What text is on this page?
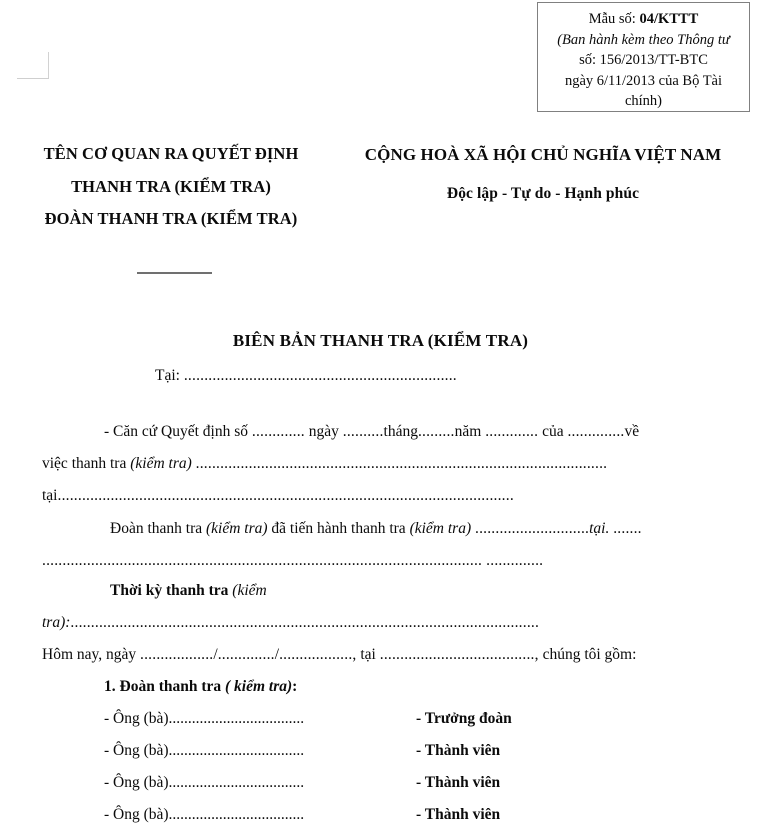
Mẫu số: 04/KTTT
(Ban hành kèm theo Thông tư
số: 156/2013/TT-BTC
ngày 6/11/2013 của Bộ Tài
chính)
TÊN CƠ QUAN RA QUYẾT ĐỊNH
THANH TRA (KIỂM TRA)
ĐOÀN THANH TRA (KIỂM TRA)
CỘNG HOÀ XÃ HỘI CHỦ NGHĨA VIỆT NAM
Độc lập - Tự do - Hạnh phúc
BIÊN BẢN THANH TRA (KIỂM TRA)
Tại: ...................................................................
- Căn cứ Quyết định số ............. ngày ..........tháng.........năm ............. của ..............về
việc thanh tra (kiểm tra) .....................................................................................................
tại................................................................................................................
Đoàn thanh tra (kiểm tra) đã tiến hành thanh tra (kiểm tra) ............................tại. .......
............................................................................................................ ..............
Thời kỳ thanh tra (kiểm
tra):...................................................................................................................
Hôm nay, ngày ................../............../.................., tại ......................................, chúng tôi gồm:
1. Đoàn thanh tra ( kiểm tra):
- Ông (bà)...................................	- Trưởng đoàn
- Ông (bà)...................................	- Thành viên
- Ông (bà)...................................	- Thành viên
- Ông (bà)...................................	- Thành viên
